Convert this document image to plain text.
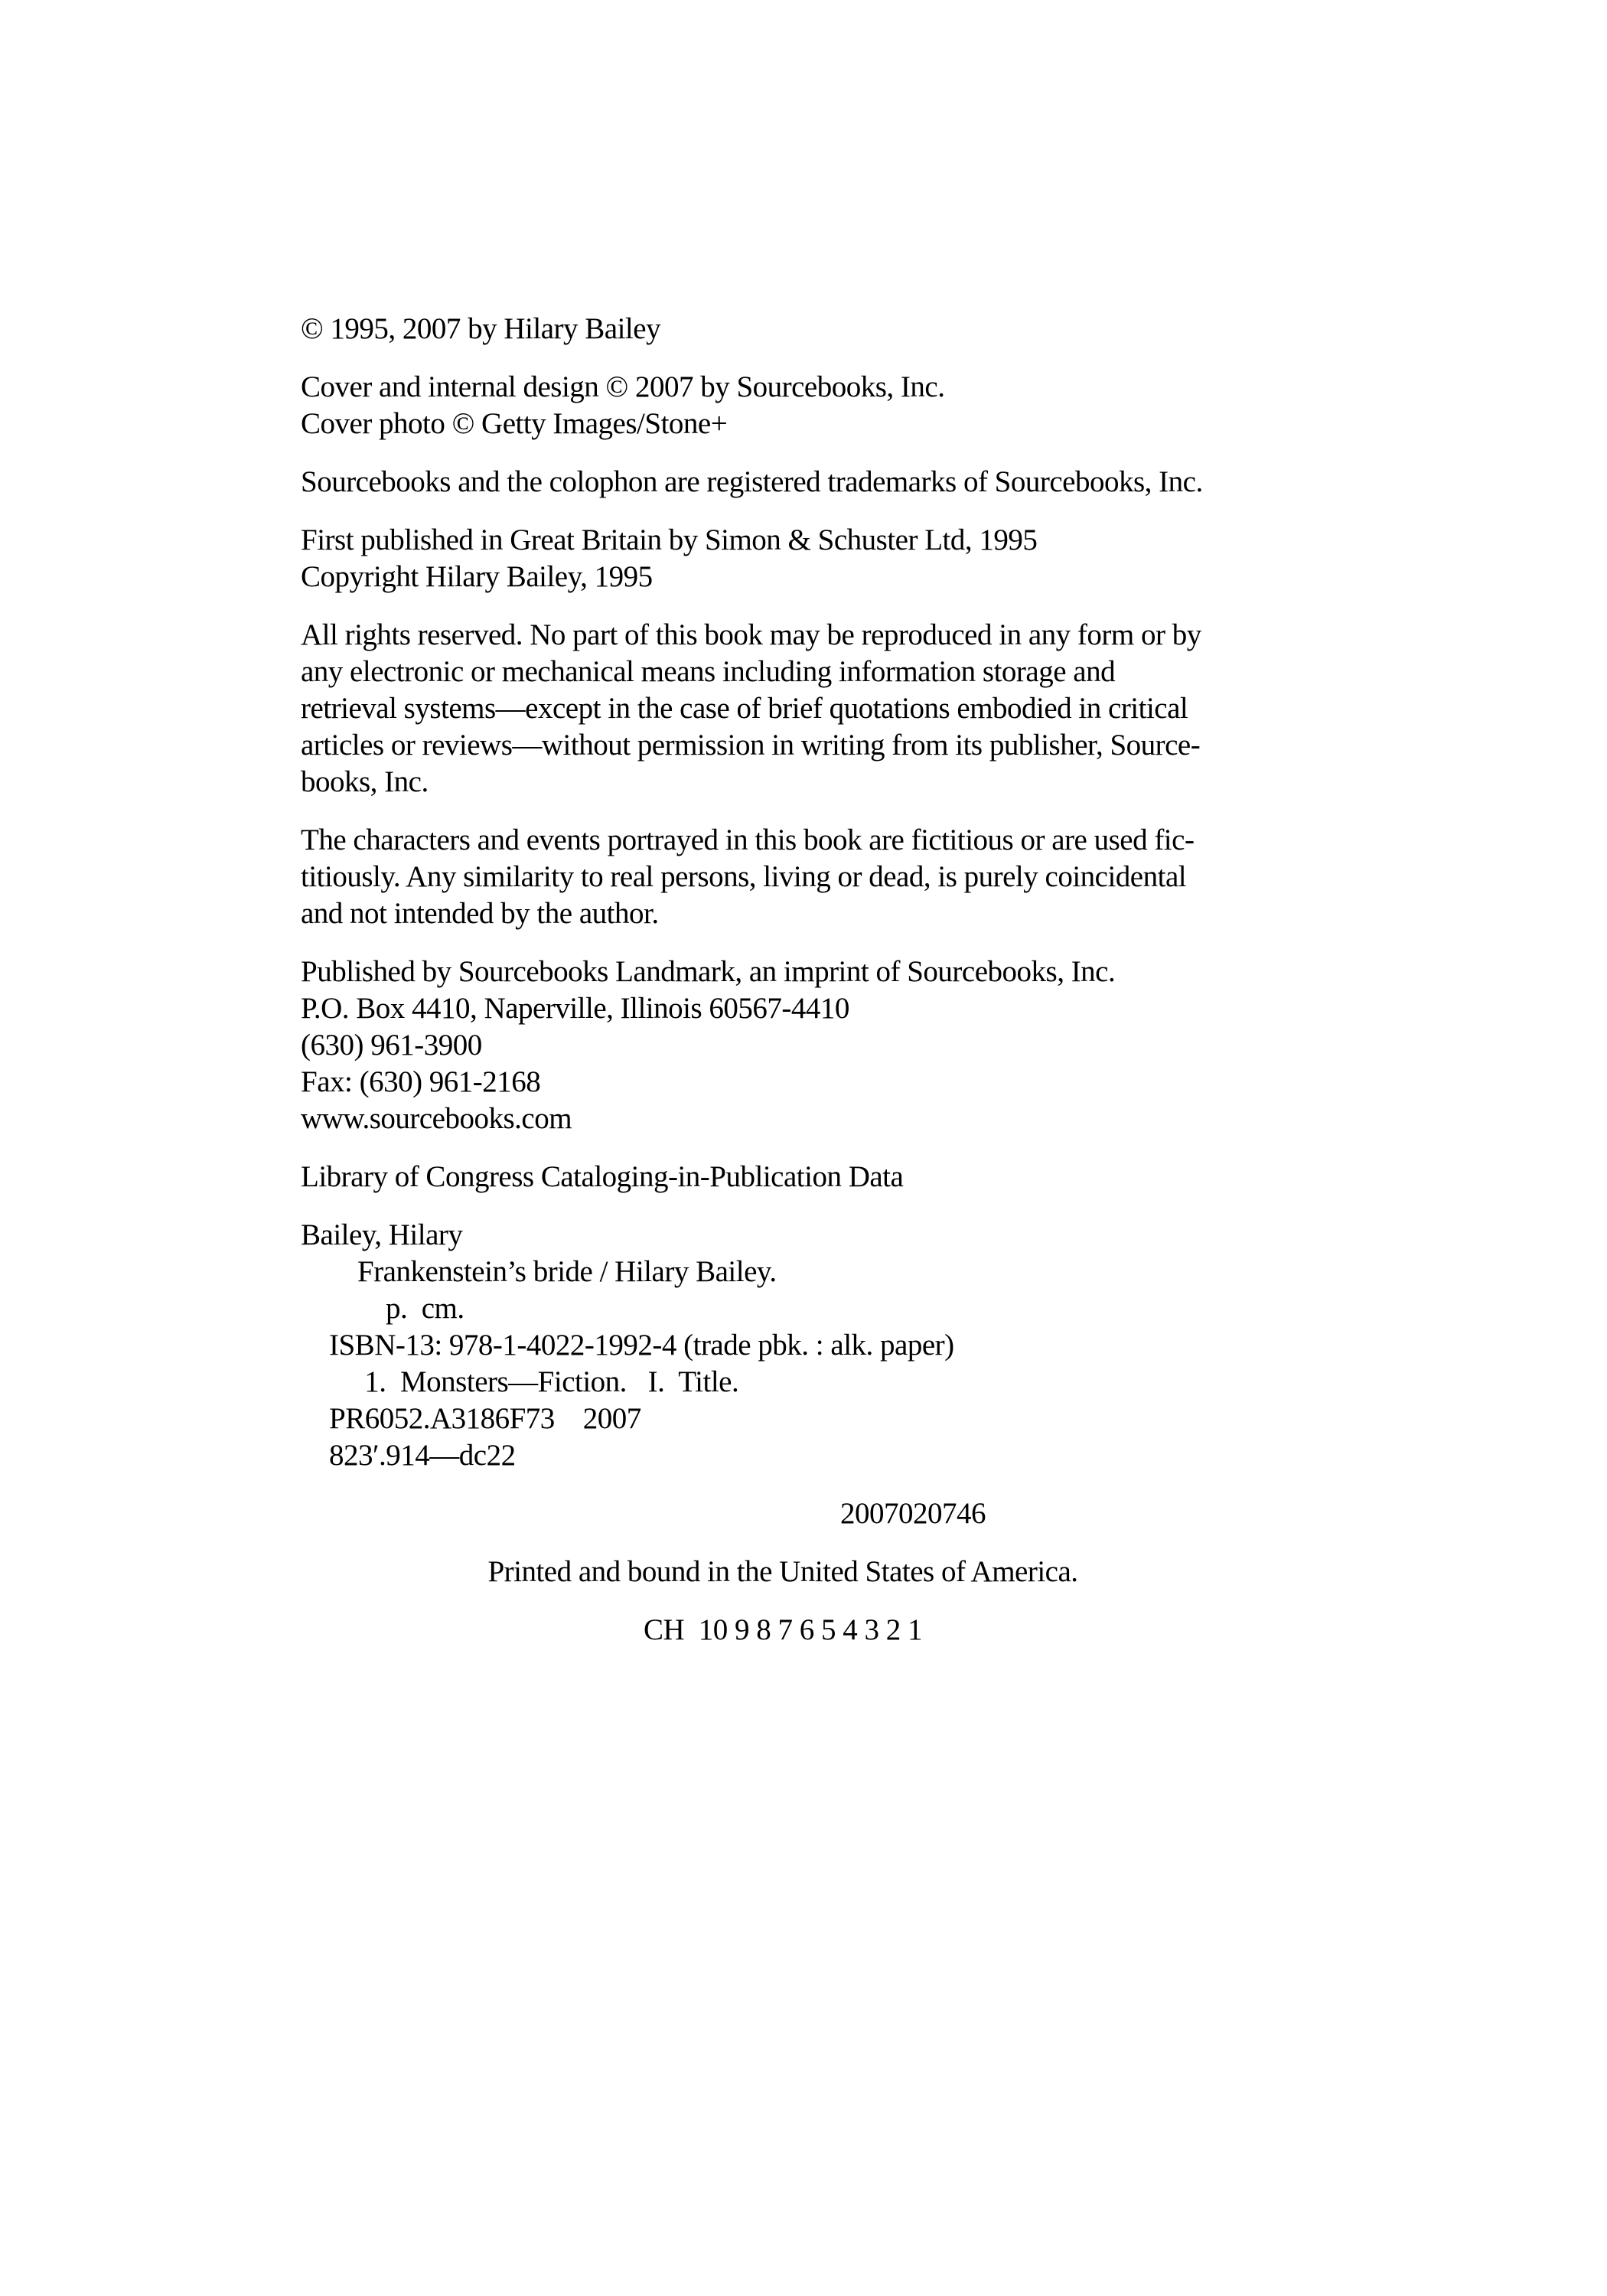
© 1995, 2007 by Hilary Bailey
Cover and internal design © 2007 by Sourcebooks, Inc.
Cover photo © Getty Images/Stone+
Sourcebooks and the colophon are registered trademarks of Sourcebooks, Inc.
First published in Great Britain by Simon & Schuster Ltd, 1995
Copyright Hilary Bailey, 1995
All rights reserved. No part of this book may be reproduced in any form or by
any electronic or mechanical means including information storage and
retrieval systems—except in the case of brief quotations embodied in critical
articles or reviews—without permission in writing from its publisher, Source-
books, Inc.
The characters and events portrayed in this book are fictitious or are used fic-
titiously. Any similarity to real persons, living or dead, is purely coincidental
and not intended by the author.
Published by Sourcebooks Landmark, an imprint of Sourcebooks, Inc.
P.O. Box 4410, Naperville, Illinois 60567-4410
(630) 961-3900
Fax: (630) 961-2168
www.sourcebooks.com
Library of Congress Cataloging-in-Publication Data
Bailey, Hilary
Frankenstein’s bride / Hilary Bailey.
p.  cm.
ISBN-13: 978-1-4022-1992-4 (trade pbk. : alk. paper)
1.  Monsters—Fiction.   I.  Title.
PR6052.A3186F73    2007
823′.914—dc22
2007020746
Printed and bound in the United States of America.
CH  10 9 8 7 6 5 4 3 2 1
